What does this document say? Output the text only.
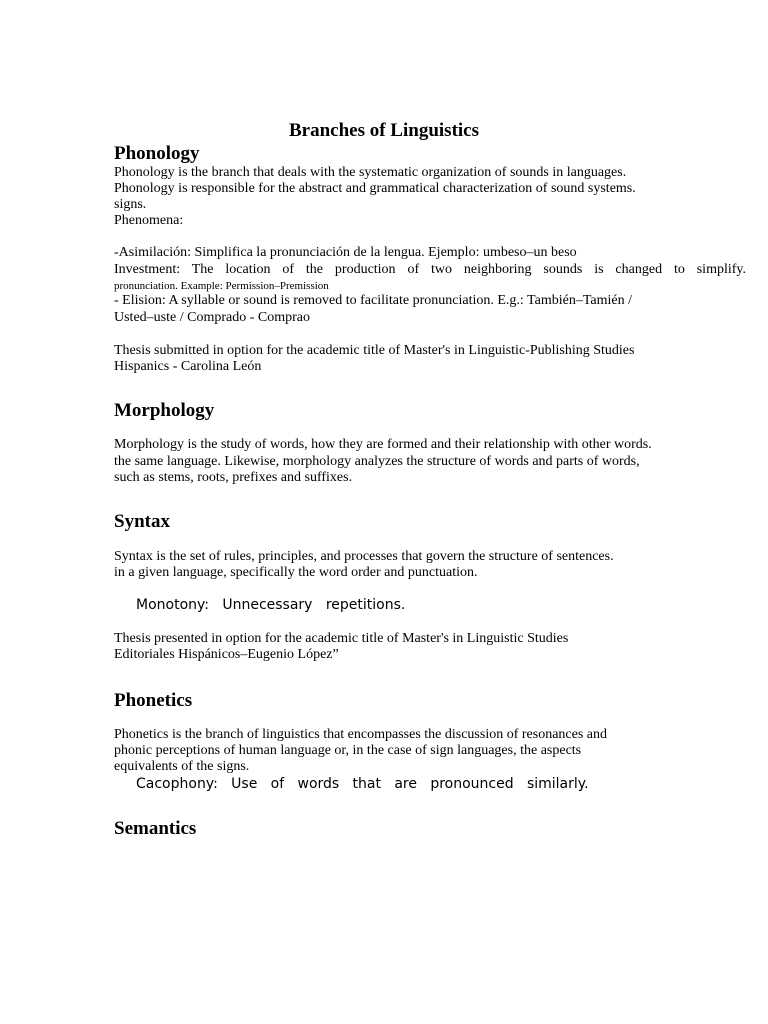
Branches of Linguistics
Phonology
Phonology is the branch that deals with the systematic organization of sounds in languages.
Phonology is responsible for the abstract and grammatical characterization of sound systems.
signs.
Phenomena:
-Asimilación: Simplifica la pronunciación de la lengua. Ejemplo: umbeso–un beso
Investment: The location of the production of two neighboring sounds is changed to simplify.
pronunciation. Example: Permission–Premission
- Elision: A syllable or sound is removed to facilitate pronunciation. E.g.: También–Tamién /
Usted–uste / Comprado - Comprao
Thesis submitted in option for the academic title of Master's in Linguistic-Publishing Studies
Hispanics - Carolina León
Morphology
Morphology is the study of words, how they are formed and their relationship with other words.
the same language. Likewise, morphology analyzes the structure of words and parts of words,
such as stems, roots, prefixes and suffixes.
Syntax
Syntax is the set of rules, principles, and processes that govern the structure of sentences.
in a given language, specifically the word order and punctuation.
Monotony:   Unnecessary   repetitions.
Thesis presented in option for the academic title of Master's in Linguistic Studies
Editoriales Hispánicos–Eugenio López”
Phonetics
Phonetics is the branch of linguistics that encompasses the discussion of resonances and
phonic perceptions of human language or, in the case of sign languages, the aspects
equivalents of the signs.
Cacophony:   Use   of   words   that   are   pronounced   similarly.
Semantics
